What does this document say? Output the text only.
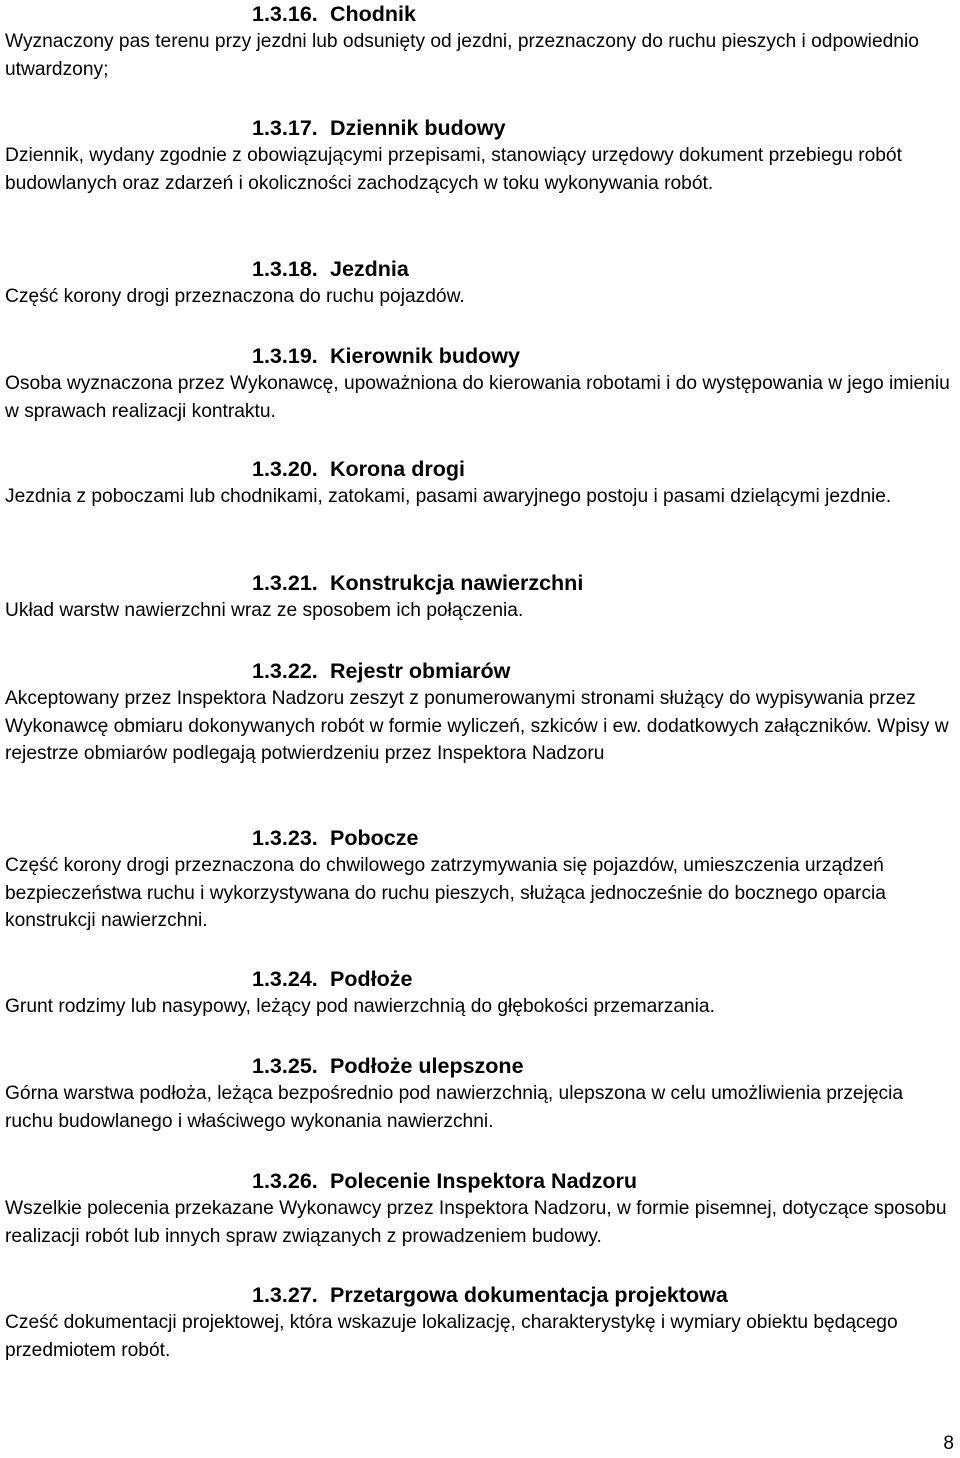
1.3.16. Chodnik

Wyznaczony pas terenu przy jezdni lub odsunięty od jezdni, przeznaczony do ruchu pieszych i odpowiednio utwardzony;

1.3.17. Dziennik budowy

Dziennik, wydany zgodnie z obowiązującymi przepisami, stanowiący urzędowy dokument przebiegu robót budowlanych oraz zdarzeń i okoliczności zachodzących w toku wykonywania robót.

1.3.18. Jezdnia

Część korony drogi przeznaczona do ruchu pojazdów.

1.3.19. Kierownik budowy

Osoba wyznaczona przez Wykonawcę, upoważniona do kierowania robotami i do występowania w jego imieniu w sprawach realizacji kontraktu.

1.3.20. Korona drogi

Jezdnia z poboczami lub chodnikami, zatokami, pasami awaryjnego postoju i pasami dzielącymi jezdnie.

1.3.21. Konstrukcja nawierzchni

Układ warstw nawierzchni wraz ze sposobem ich połączenia.

1.3.22. Rejestr obmiarów

Akceptowany przez Inspektora Nadzoru zeszyt z ponumerowanymi stronami służący do wypisywania przez Wykonawcę obmiaru dokonywanych robót w formie wyliczeń, szkiców i ew. dodatkowych załączników. Wpisy w rejestrze obmiarów podlegają potwierdzeniu przez Inspektora Nadzoru

1.3.23. Pobocze

Część korony drogi przeznaczona do chwilowego zatrzymywania się pojazdów, umieszczenia urządzeń bezpieczeństwa ruchu i wykorzystywana do ruchu pieszych, służąca jednocześnie do bocznego oparcia konstrukcji nawierzchni.

1.3.24. Podłoże

Grunt rodzimy lub nasypowy, leżący pod nawierzchnią do głębokości przemarzania.

1.3.25. Podłoże ulepszone

Górna warstwa podłoża, leżąca bezpośrednio pod nawierzchnią, ulepszona w celu umożliwienia przejęcia ruchu budowlanego i właściwego wykonania nawierzchni.

1.3.26. Polecenie Inspektora Nadzoru

Wszelkie polecenia przekazane Wykonawcy przez Inspektora Nadzoru, w formie pisemnej, dotyczące sposobu realizacji robót lub innych spraw związanych z prowadzeniem budowy.

1.3.27. Przetargowa dokumentacja projektowa

Cześć dokumentacji projektowej, która wskazuje lokalizację, charakterystykę i wymiary obiektu będącego przedmiotem robót.

8
